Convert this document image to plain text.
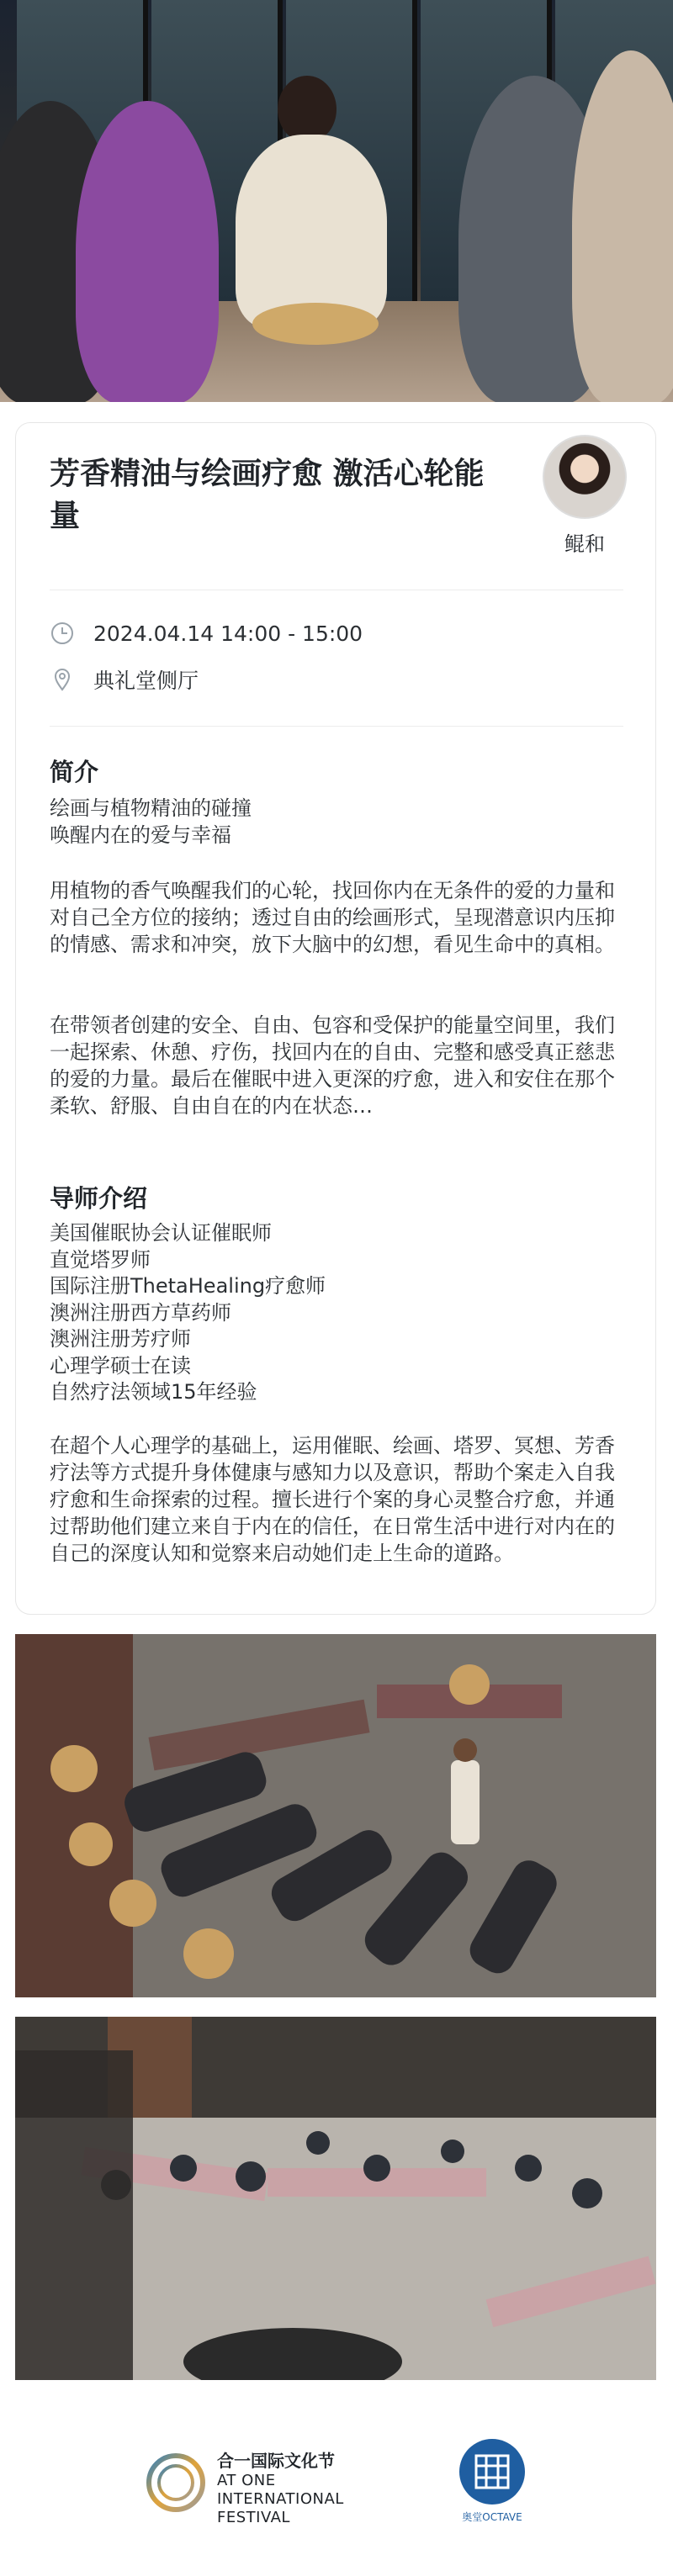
芳香精油与绘画疗愈 激活心轮能量
鲲和
2024.04.14 14:00 - 15:00
典礼堂侧厅
简介
绘画与植物精油的碰撞
唤醒内在的爱与幸福

用植物的香气唤醒我们的心轮，找回你内在无条件的爱的力量和对自己全方位的接纳；透过自由的绘画形式，呈现潜意识内压抑的情感、需求和冲突，放下大脑中的幻想，看见生命中的真相。

在带领者创建的安全、自由、包容和受保护的能量空间里，我们一起探索、休憩、疗伤，找回内在的自由、完整和感受真正慈悲的爱的力量。最后在催眠中进入更深的疗愈，进入和安住在那个柔软、舒服、自由自在的内在状态…

导师介绍
美国催眠协会认证催眠师
直觉塔罗师
国际注册ThetaHealing疗愈师
澳洲注册西方草药师
澳洲注册芳疗师
心理学硕士在读
自然疗法领域15年经验

在超个人心理学的基础上，运用催眠、绘画、塔罗、冥想、芳香疗法等方式提升身体健康与感知力以及意识，帮助个案走入自我疗愈和生命探索的过程。擅长进行个案的身心灵整合疗愈，并通过帮助他们建立来自于内在的信任，在日常生活中进行对内在的自己的深度认知和觉察来启动她们走上生命的道路。

合一国际文化节
AT ONE
INTERNATIONAL
FESTIVAL	奥堂OCTAVE
